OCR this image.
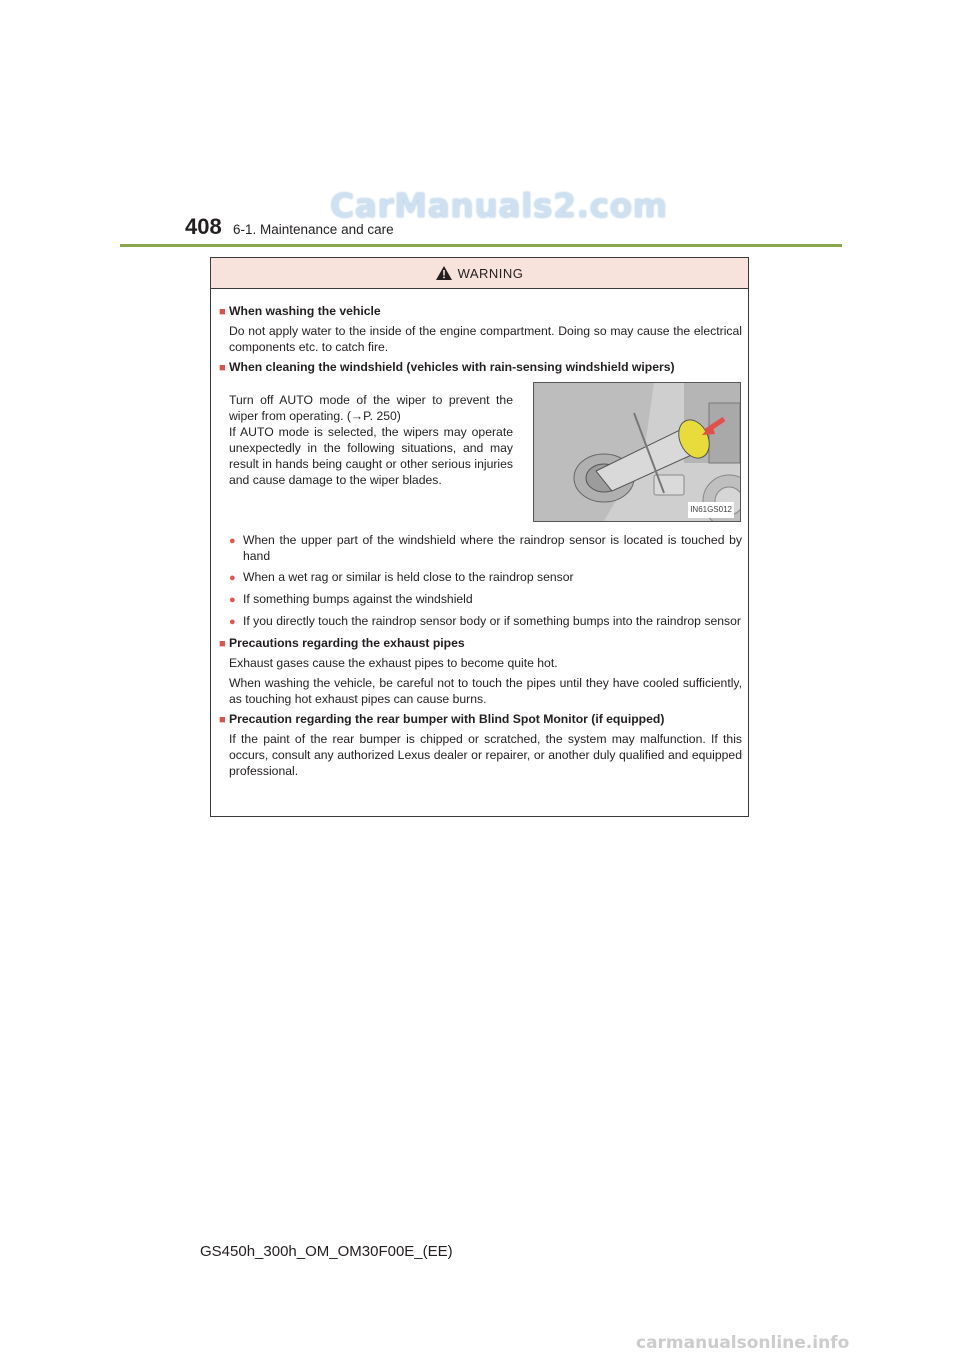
CarManuals2.com
408 6-1. Maintenance and care
WARNING
■ When washing the vehicle

Do not apply water to the inside of the engine compartment. Doing so may cause the electrical components etc. to catch fire.

■ When cleaning the windshield (vehicles with rain-sensing windshield wipers)
Turn off AUTO mode of the wiper to prevent the wiper from operating. (→P. 250)
If AUTO mode is selected, the wipers may operate unexpectedly in the following situations, and may result in hands being caught or other serious injuries and cause damage to the wiper blades.
IN61GS012
● When the upper part of the windshield where the raindrop sensor is located is touched by hand
● When a wet rag or similar is held close to the raindrop sensor
● If something bumps against the windshield
● If you directly touch the raindrop sensor body or if something bumps into the raindrop sensor
■ Precautions regarding the exhaust pipes

Exhaust gases cause the exhaust pipes to become quite hot.

When washing the vehicle, be careful not to touch the pipes until they have cooled sufficiently, as touching hot exhaust pipes can cause burns.

■ Precaution regarding the rear bumper with Blind Spot Monitor (if equipped)

If the paint of the rear bumper is chipped or scratched, the system may malfunction. If this occurs, consult any authorized Lexus dealer or repairer, or another duly qualified and equipped professional.

GS450h_300h_OM_OM30F00E_(EE)
carmanualsonline.info
